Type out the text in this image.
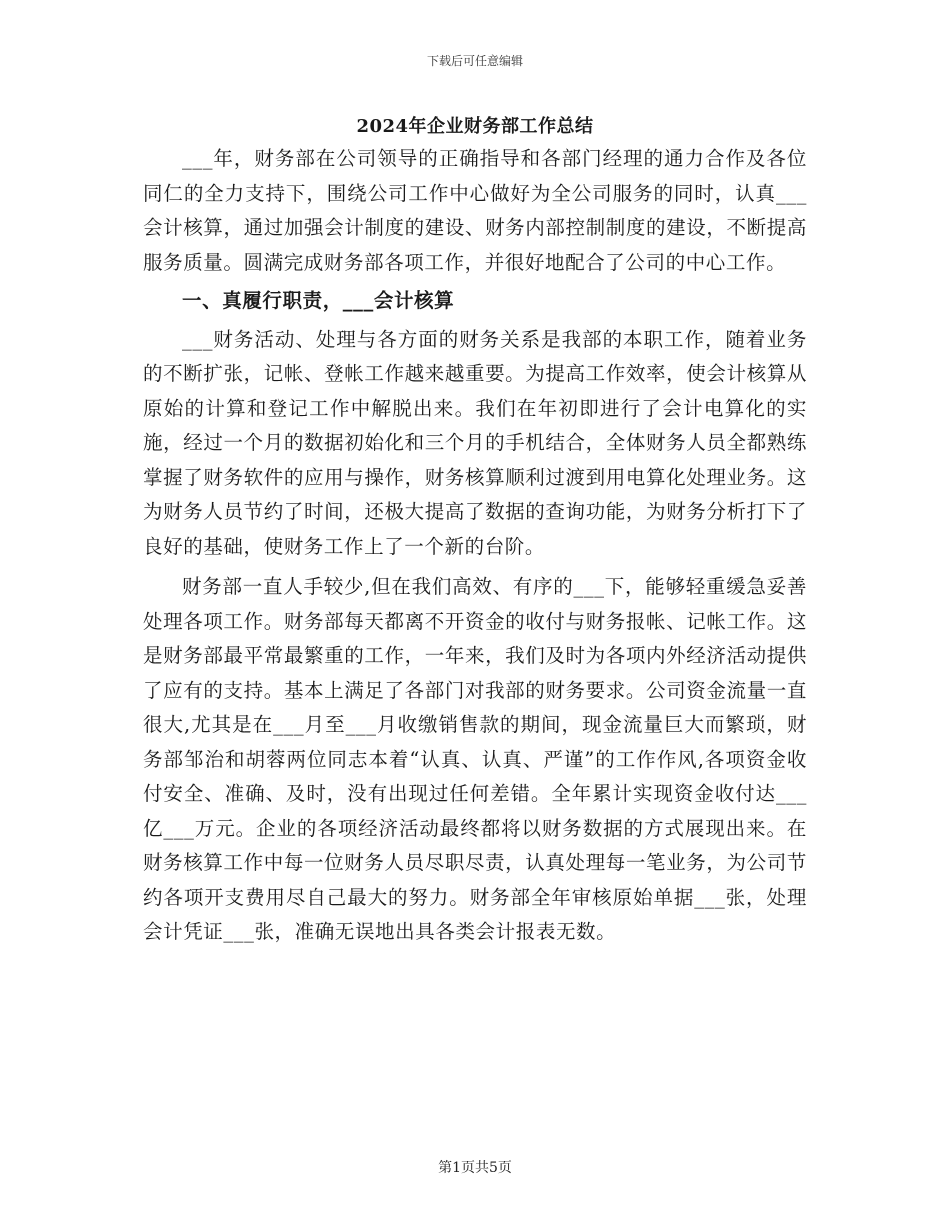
下载后可任意编辑
2024年企业财务部工作总结

___年，财务部在公司领导的正确指导和各部门经理的通力合作及各位同仁的全力支持下，围绕公司工作中心做好为全公司服务的同时，认真___会计核算，通过加强会计制度的建设、财务内部控制制度的建设，不断提高服务质量。圆满完成财务部各项工作，并很好地配合了公司的中心工作。

一、真履行职责，___会计核算

___财务活动、处理与各方面的财务关系是我部的本职工作，随着业务的不断扩张，记帐、登帐工作越来越重要。为提高工作效率，使会计核算从原始的计算和登记工作中解脱出来。我们在年初即进行了会计电算化的实施，经过一个月的数据初始化和三个月的手机结合，全体财务人员全都熟练掌握了财务软件的应用与操作，财务核算顺利过渡到用电算化处理业务。这为财务人员节约了时间，还极大提高了数据的查询功能，为财务分析打下了良好的基础，使财务工作上了一个新的台阶。

财务部一直人手较少,但在我们高效、有序的___下，能够轻重缓急妥善处理各项工作。财务部每天都离不开资金的收付与财务报帐、记帐工作。这是财务部最平常最繁重的工作，一年来，我们及时为各项内外经济活动提供了应有的支持。基本上满足了各部门对我部的财务要求。公司资金流量一直很大,尤其是在___月至___月收缴销售款的期间，现金流量巨大而繁琐，财务部邹治和胡蓉两位同志本着“认真、认真、严谨”的工作作风,各项资金收付安全、准确、及时，没有出现过任何差错。全年累计实现资金收付达___亿___万元。企业的各项经济活动最终都将以财务数据的方式展现出来。在财务核算工作中每一位财务人员尽职尽责，认真处理每一笔业务，为公司节约各项开支费用尽自己最大的努力。财务部全年审核原始单据___张，处理会计凭证___张，准确无误地出具各类会计报表无数。

第1页共5页
